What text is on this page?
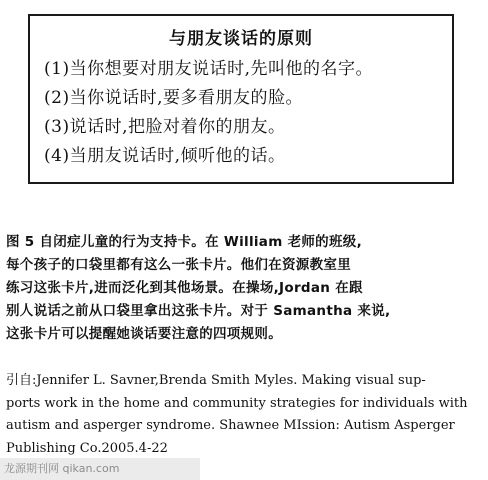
与朋友谈话的原则
(1)当你想要对朋友说话时,先叫他的名字。
(2)当你说话时,要多看朋友的脸。
(3)说话时,把脸对着你的朋友。
(4)当朋友说话时,倾听他的话。
图 5 自闭症儿童的行为支持卡。在 William 老师的班级,
每个孩子的口袋里都有这么一张卡片。他们在资源教室里
练习这张卡片,进而泛化到其他场景。在操场,Jordan 在跟
别人说话之前从口袋里拿出这张卡片。对于 Samantha 来说,
这张卡片可以提醒她谈话要注意的四项规则。
引自:Jennifer L. Savner,Brenda Smith Myles. Making visual sup-
ports work in the home and community strategies for individuals with
autism and asperger syndrome. Shawnee MIssion: Autism Asperger
Publishing Co.2005.4-22
龙源期刊网 qikan.com
